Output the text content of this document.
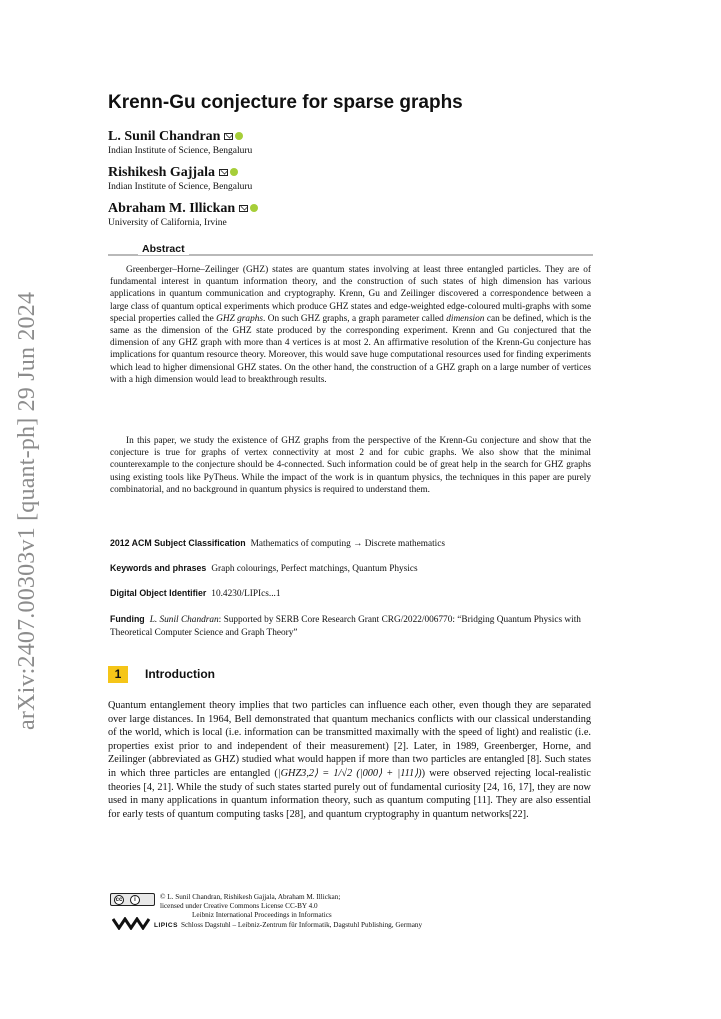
arXiv:2407.00303v1 [quant-ph] 29 Jun 2024
Krenn-Gu conjecture for sparse graphs
L. Sunil Chandran
Indian Institute of Science, Bengaluru
Rishikesh Gajjala
Indian Institute of Science, Bengaluru
Abraham M. Illickan
University of California, Irvine
Abstract

Greenberger–Horne–Zeilinger (GHZ) states are quantum states involving at least three entangled particles. They are of fundamental interest in quantum information theory, and the construction of such states of high dimension has various applications in quantum communication and cryptography. Krenn, Gu and Zeilinger discovered a correspondence between a large class of quantum optical experiments which produce GHZ states and edge-weighted edge-coloured multi-graphs with some special properties called the GHZ graphs. On such GHZ graphs, a graph parameter called dimension can be defined, which is the same as the dimension of the GHZ state produced by the corresponding experiment. Krenn and Gu conjectured that the dimension of any GHZ graph with more than 4 vertices is at most 2. An affirmative resolution of the Krenn-Gu conjecture has implications for quantum resource theory. Moreover, this would save huge computational resources used for finding experiments which lead to higher dimensional GHZ states. On the other hand, the construction of a GHZ graph on a large number of vertices with a high dimension would lead to breakthrough results.

In this paper, we study the existence of GHZ graphs from the perspective of the Krenn-Gu conjecture and show that the conjecture is true for graphs of vertex connectivity at most 2 and for cubic graphs. We also show that the minimal counterexample to the conjecture should be 4-connected. Such information could be of great help in the search for GHZ graphs using existing tools like PyTheus. While the impact of the work is in quantum physics, the techniques in this paper are purely combinatorial, and no background in quantum physics is required to understand them.

2012 ACM Subject Classification Mathematics of computing → Discrete mathematics
Keywords and phrases Graph colourings, Perfect matchings, Quantum Physics
Digital Object Identifier 10.4230/LIPIcs...1
Funding L. Sunil Chandran: Supported by SERB Core Research Grant CRG/2022/006770: “Bridging Quantum Physics with Theoretical Computer Science and Graph Theory”
1	Introduction

Quantum entanglement theory implies that two particles can influence each other, even though they are separated over large distances. In 1964, Bell demonstrated that quantum mechanics conflicts with our classical understanding of the world, which is local (i.e. information can be transmitted maximally with the speed of light) and realistic (i.e. properties exist prior to and independent of their measurement) [2]. Later, in 1989, Greenberger, Horne, and Zeilinger (abbreviated as GHZ) studied what would happen if more than two particles are entangled [8]. Such states in which three particles are entangled (|GHZ3,2⟩ = 1/√2 (|000⟩ + |111⟩)) were observed rejecting local-realistic theories [4, 21]. While the study of such states started purely out of fundamental curiosity [24, 16, 17], they are now used in many applications in quantum information theory, such as quantum computing [11]. They are also essential for early tests of quantum computing tasks [28], and quantum cryptography in quantum networks[22].

cc	i	© L. Sunil Chandran, Rishikesh Gajjala, Abraham M. Illickan;
licensed under Creative Commons License CC-BY 4.0
Leibniz International Proceedings in Informatics
LIPICS Schloss Dagstuhl – Leibniz-Zentrum für Informatik, Dagstuhl Publishing, Germany
